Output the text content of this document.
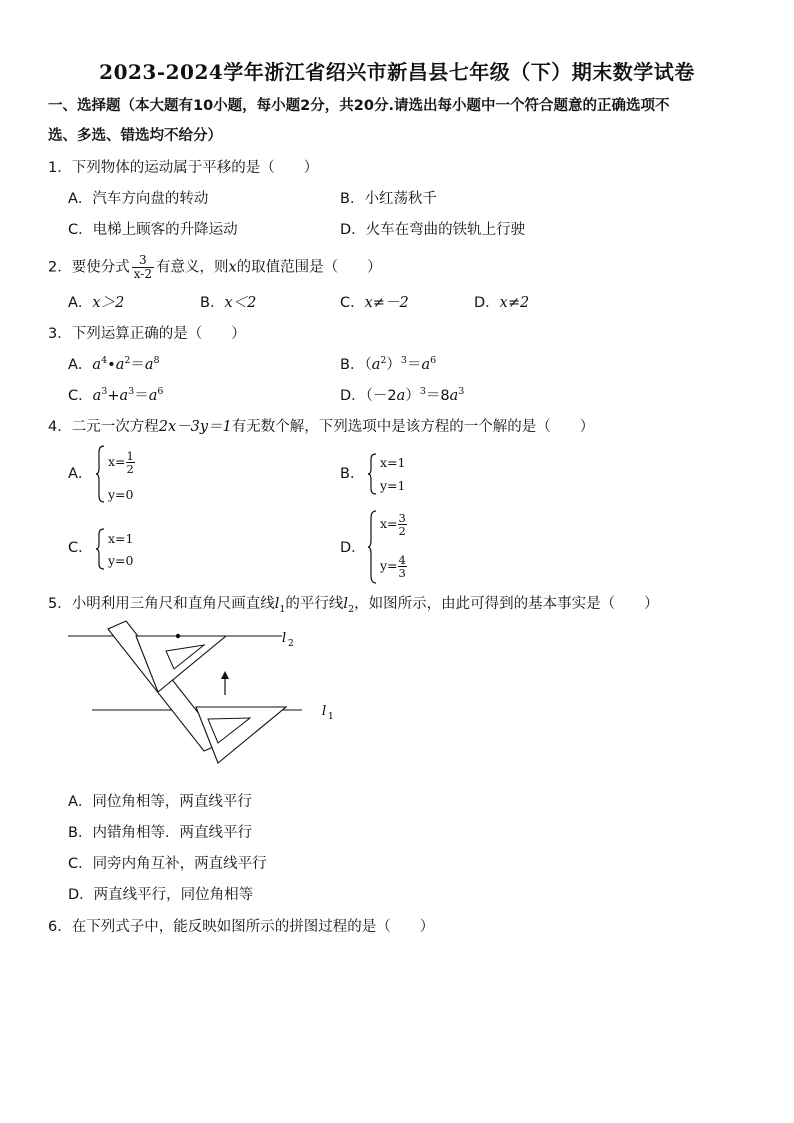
2023-2024学年浙江省绍兴市新昌县七年级（下）期末数学试卷
一、选择题（本大题有10小题，每小题2分，共20分.请选出每小题中一个符合题意的正确选项不
选、多选、错选均不给分）
1．下列物体的运动属于平移的是（　　）
A．汽车方向盘的转动	B．小红荡秋千
C．电梯上顾客的升降运动	D．火车在弯曲的铁轨上行驶
2．要使分式 $\frac{3}{x-2}$ 有意义，则x的取值范围是（　　）
A．x＞2	B．x＜2	C．x≠－2	D．x≠2
3．下列运算正确的是（　　）
A．$a^4•a^2=a^8$	B．$(a^2)^3=a^6$
C．$a^3+a^3=a^6$	D．$(-2a)^3=8a^3$
4．二元一次方程2x－3y＝1有无数个解，下列选项中是该方程的一个解的是（　　）
A．
$x= \frac{1}{2}$
y=0
B．
x=1
y=1
C．
x=1
y=0
D．
$x= \frac{3}{2}$
$y= \frac{4}{3}$
5．小明利用三角尺和直角尺画直线$l_1$的平行线$l_2$，如图所示，由此可得到的基本事实是（　　）
l 2
l 1
A．同位角相等，两直线平行
B．内错角相等．两直线平行
C．同旁内角互补，两直线平行
D．两直线平行，同位角相等
6．在下列式子中，能反映如图所示的拼图过程的是（　　）
